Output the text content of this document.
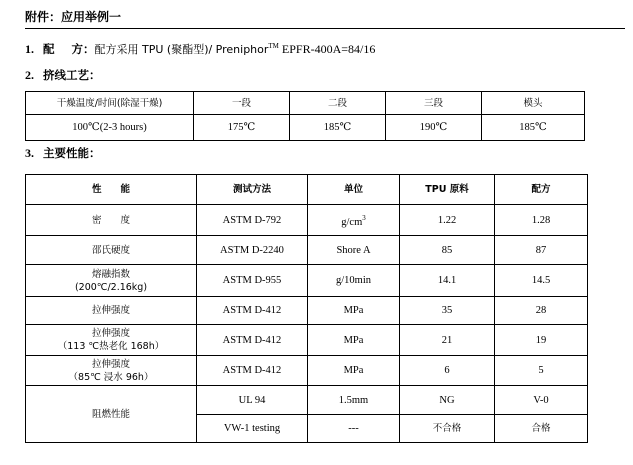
附件：应用举例一
1. 配 方：配方采用 TPU (聚酯型)/ Preniphor™ EPFR-400A=84/16
2. 挤线工艺：
干燥温度/时间(除湿干燥)	一段	二段	三段	模头
100℃(2-3 hours)	175℃	185℃	190℃	185℃
3. 主要性能：
性　　能	测试方法	单位	TPU 原料	配方
密　　度	ASTM D-792	$g/cm^3$	1.22	1.28
邵氏硬度	ASTM D-2240	Shore A	85	87

熔融指数
(200℃/2.16kg)	ASTM D-955	g/10min	14.1	14.5
拉伸强度	ASTM D-412	MPa	35	28

拉伸强度
（113 ℃热老化 168h）	ASTM D-412	MPa	21	19

拉伸强度
（85℃ 浸水 96h）	ASTM D-412	MPa	6	5
阻燃性能	UL 94	1.5mm	NG	V-0
	VW-1 testing	---	不合格	合格
